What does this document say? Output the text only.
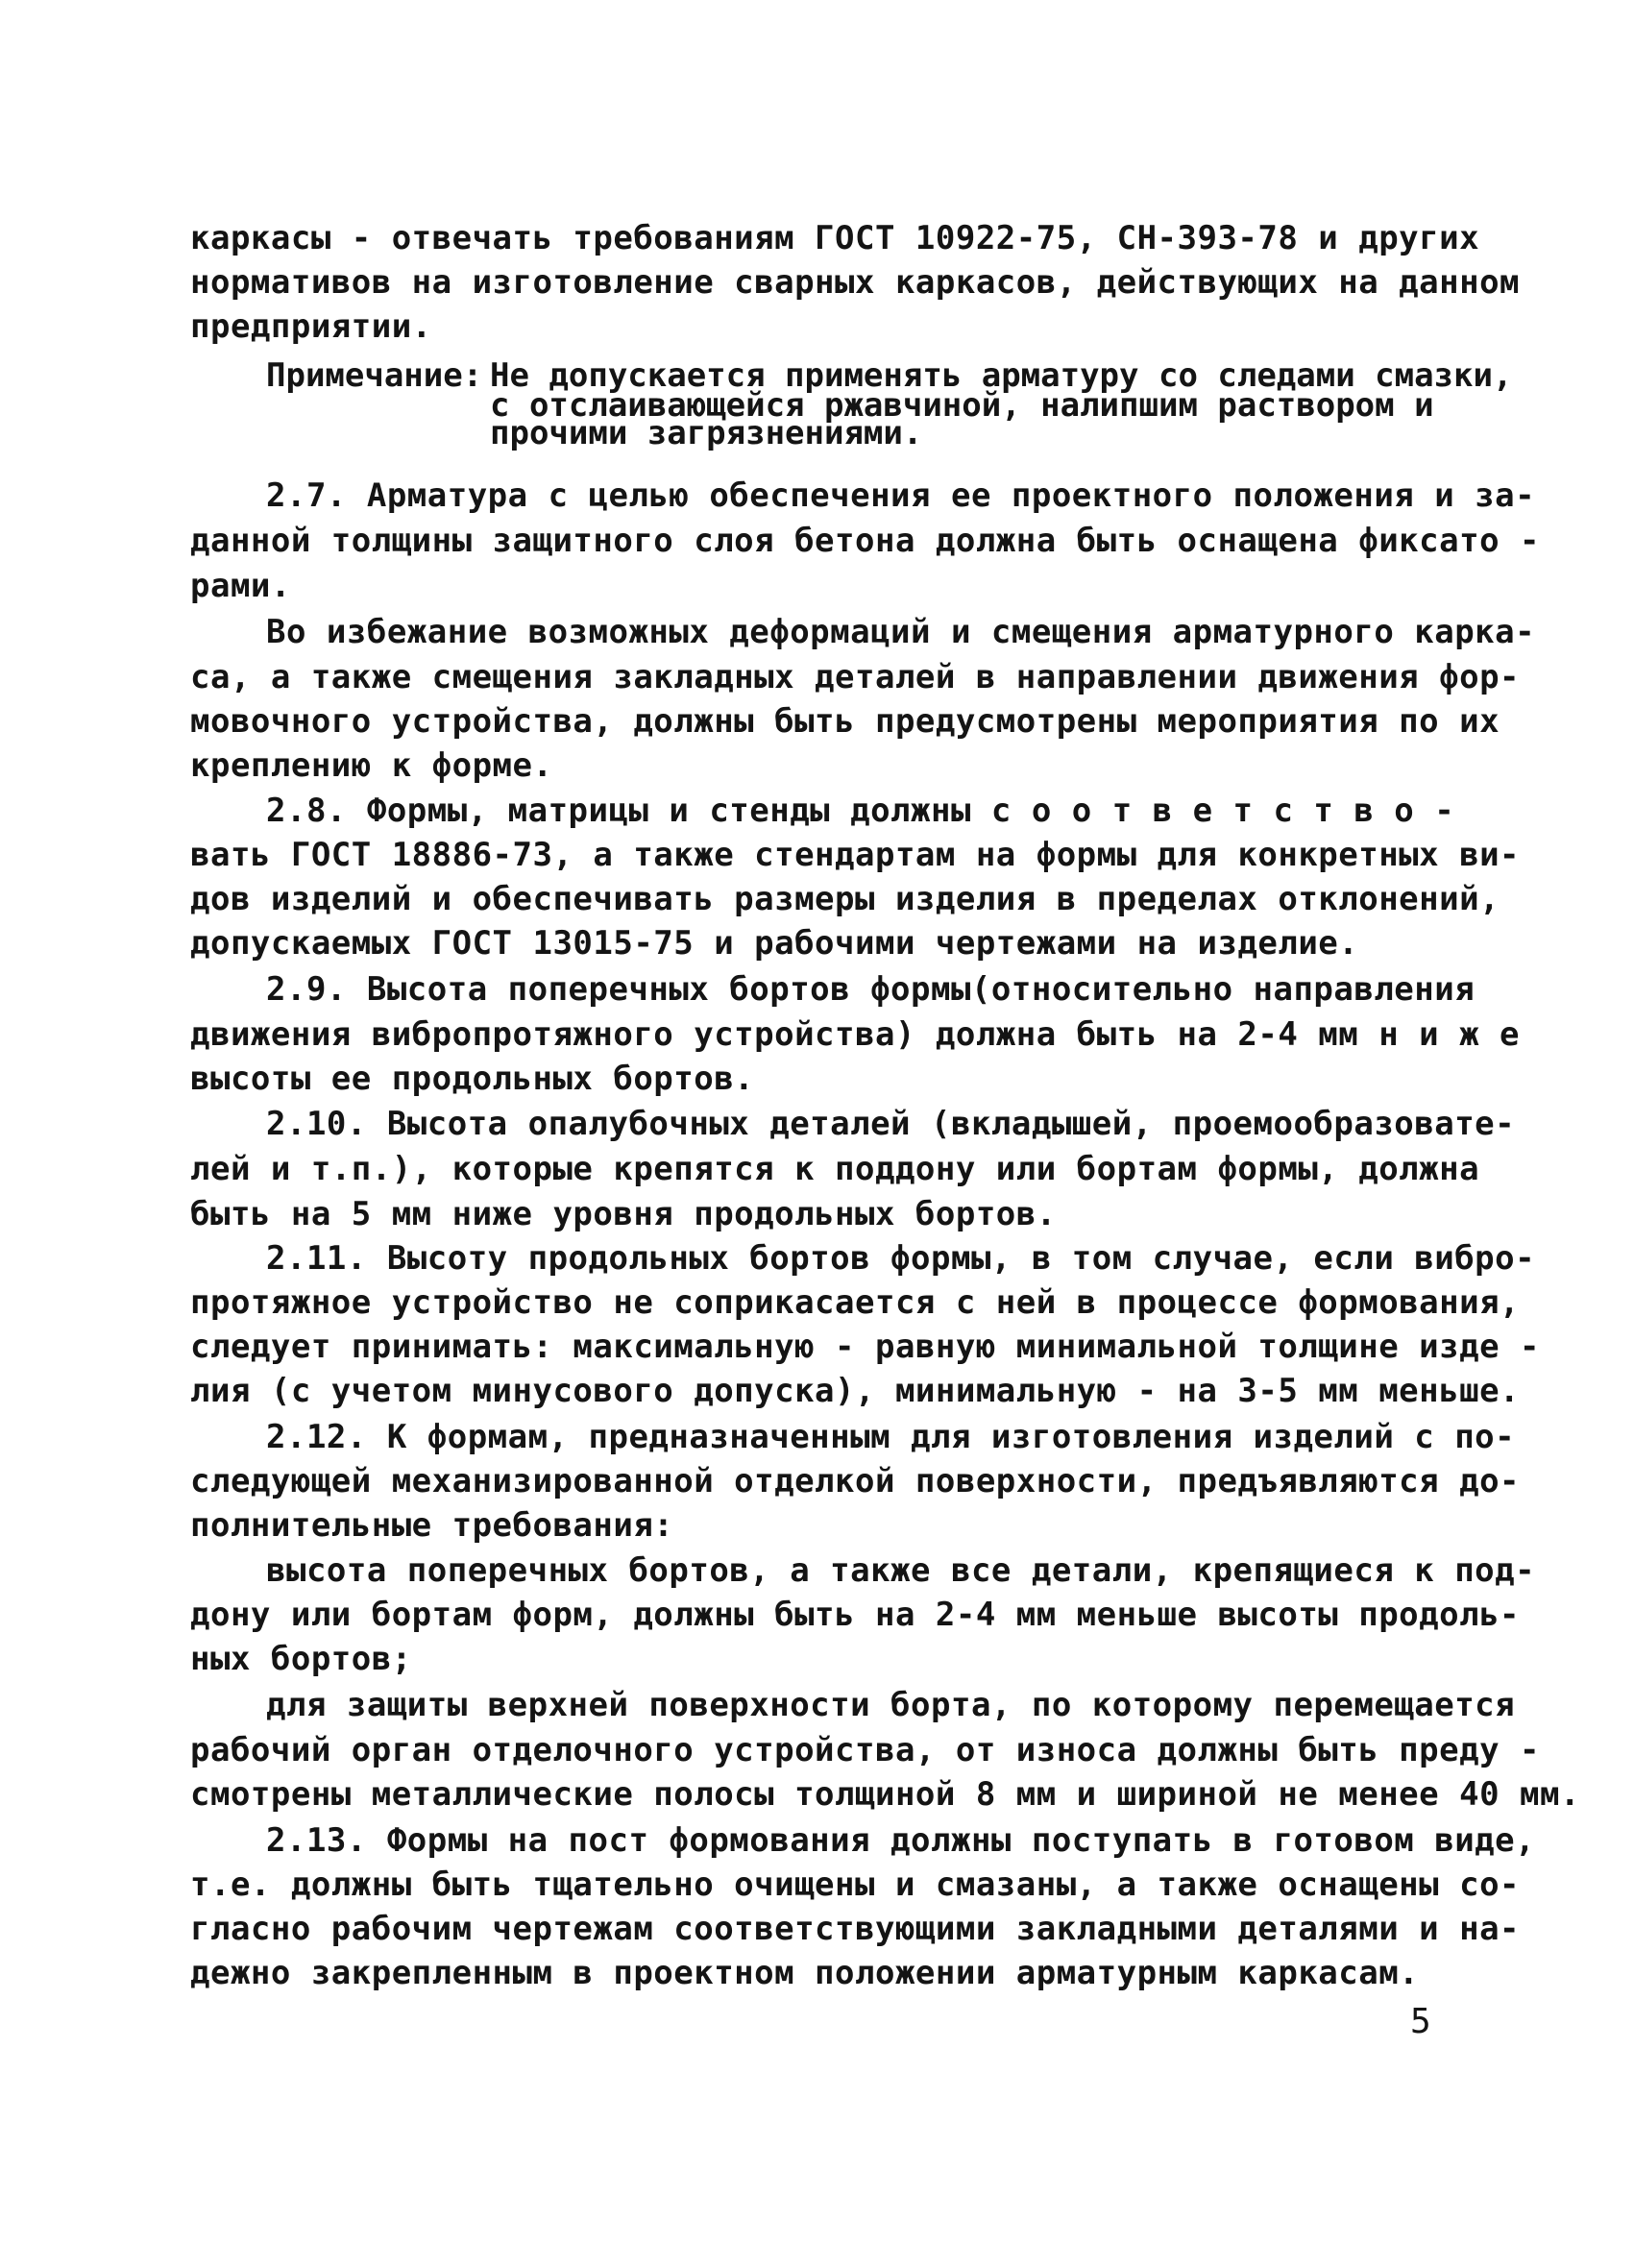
каркасы - отвечать требованиям ГОСТ 10922-75, СН-393-78 и других
нормативов на изготовление сварных каркасов, действующих на данном
предприятии.
Примечание: Не допускается применять арматуру со следами смазки,
с отслаивающейся ржавчиной, налипшим раствором и
прочими загрязнениями.
2.7. Арматура с целью обеспечения ее проектного положения и за-
данной толщины защитного слоя бетона должна быть оснащена фиксато -
рами.
Во избежание возможных деформаций и смещения арматурного карка-
са, а также смещения закладных деталей в направлении движения фор-
мовочного устройства, должны быть предусмотрены мероприятия по их
креплению к форме.
2.8. Формы, матрицы и стенды должны с о о т в е т с т в о -
вать ГОСТ 18886-73, а также стендартам на формы для конкретных ви-
дов изделий и обеспечивать размеры изделия в пределах отклонений,
допускаемых ГОСТ 13015-75 и рабочими чертежами на изделие.
2.9. Высота поперечных бортов формы(относительно направления
движения вибропротяжного устройства) должна быть на 2-4 мм н и ж е
высоты ее продольных бортов.
2.10. Высота опалубочных деталей (вкладышей, проемообразовате-
лей и т.п.), которые крепятся к поддону или бортам формы, должна
быть на 5 мм ниже уровня продольных бортов.
2.11. Высоту продольных бортов формы, в том случае, если вибро-
протяжное устройство не соприкасается с ней в процессе формования,
следует принимать: максимальную - равную минимальной толщине изде -
лия (с учетом минусового допуска), минимальную - на 3-5 мм меньше.
2.12. К формам, предназначенным для изготовления изделий с по-
следующей механизированной отделкой поверхности, предъявляются до-
полнительные требования:
высота поперечных бортов, а также все детали, крепящиеся к под-
дону или бортам форм, должны быть на 2-4 мм меньше высоты продоль-
ных бортов;
для защиты верхней поверхности борта, по которому перемещается
рабочий орган отделочного устройства, от износа должны быть преду -
смотрены металлические полосы толщиной 8 мм и шириной не менее 40 мм.
2.13. Формы на пост формования должны поступать в готовом виде,
т.е. должны быть тщательно очищены и смазаны, а также оснащены со-
гласно рабочим чертежам соответствующими закладными деталями и на-
дежно закрепленным в проектном положении арматурным каркасам.
5
